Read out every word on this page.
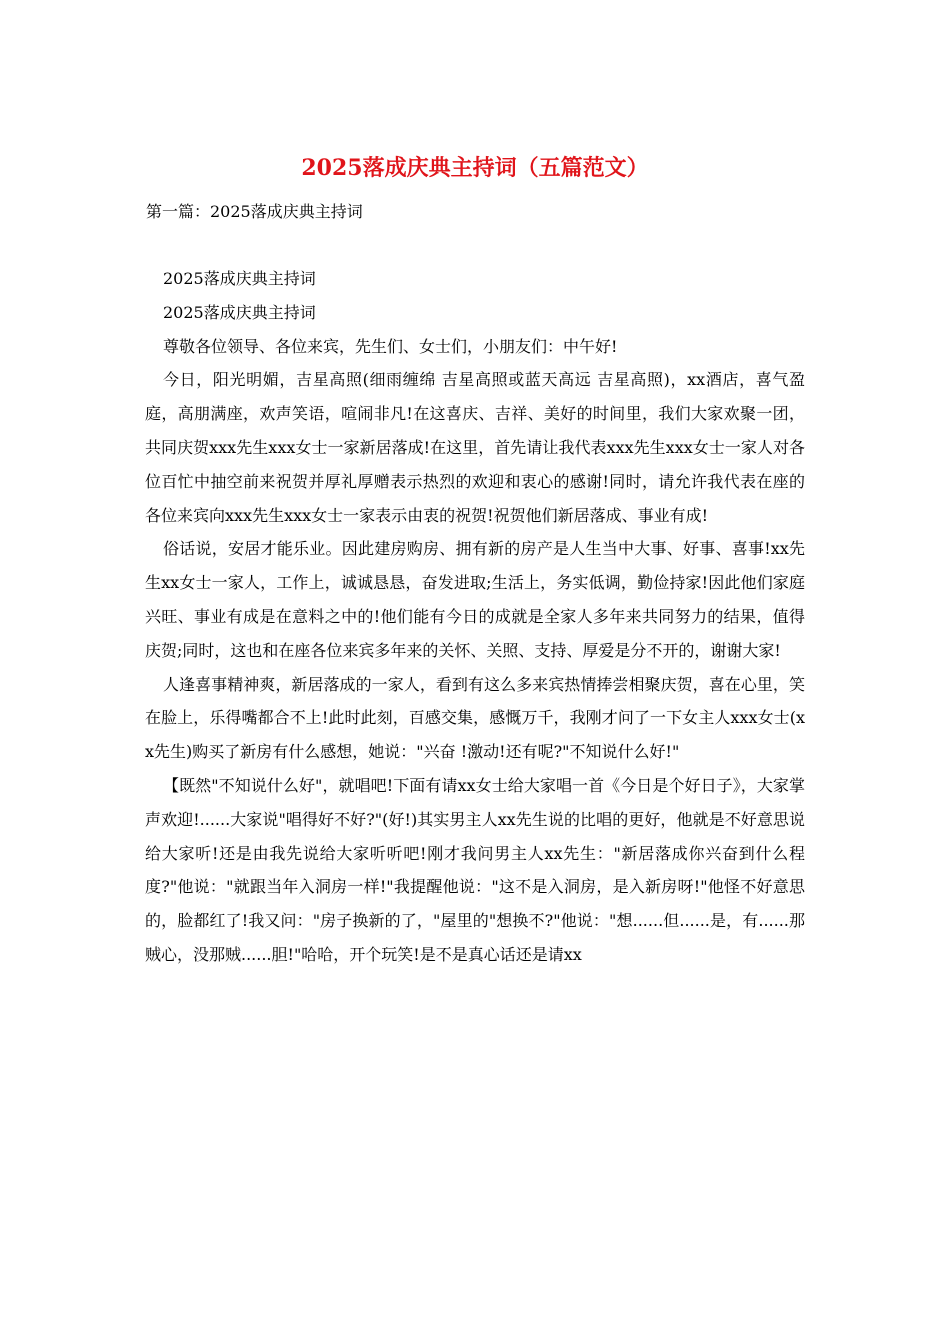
2025落成庆典主持词（五篇范文）

第一篇：2025落成庆典主持词

2025落成庆典主持词

2025落成庆典主持词

尊敬各位领导、各位来宾，先生们、女士们，小朋友们：中午好!

今日，阳光明媚，吉星高照(细雨缠绵 吉星高照或蓝天高远 吉星高照)，xx酒店，喜气盈庭，高朋满座，欢声笑语，喧闹非凡!在这喜庆、吉祥、美好的时间里，我们大家欢聚一团，共同庆贺xxx先生xxx女士一家新居落成!在这里，首先请让我代表xxx先生xxx女士一家人对各位百忙中抽空前来祝贺并厚礼厚赠表示热烈的欢迎和衷心的感谢!同时，请允许我代表在座的各位来宾向xxx先生xxx女士一家表示由衷的祝贺!祝贺他们新居落成、事业有成!

俗话说，安居才能乐业。因此建房购房、拥有新的房产是人生当中大事、好事、喜事!xx先生xx女士一家人，工作上，诚诚恳恳，奋发进取;生活上，务实低调，勤俭持家!因此他们家庭兴旺、事业有成是在意料之中的!他们能有今日的成就是全家人多年来共同努力的结果，值得庆贺;同时，这也和在座各位来宾多年来的关怀、关照、支持、厚爱是分不开的，谢谢大家!

人逢喜事精神爽，新居落成的一家人，看到有这么多来宾热情捧尝相聚庆贺，喜在心里，笑在脸上，乐得嘴都合不上!此时此刻，百感交集，感慨万千，我刚才问了一下女主人xxx女士(xx先生)购买了新房有什么感想，她说："兴奋 !激动!还有呢?"不知说什么好!"

【既然"不知说什么好"，就唱吧!下面有请xx女士给大家唱一首《今日是个好日子》，大家掌声欢迎!......大家说"唱得好不好?"(好!)其实男主人xx先生说的比唱的更好，他就是不好意思说给大家听!还是由我先说给大家听听吧!刚才我问男主人xx先生："新居落成你兴奋到什么程度?"他说："就跟当年入洞房一样!"我提醒他说："这不是入洞房，是入新房呀!"他怪不好意思的，脸都红了!我又问："房子换新的了，"屋里的"想换不?"他说："想......但......是，有......那贼心，没那贼......胆!"哈哈，开个玩笑!是不是真心话还是请xx
